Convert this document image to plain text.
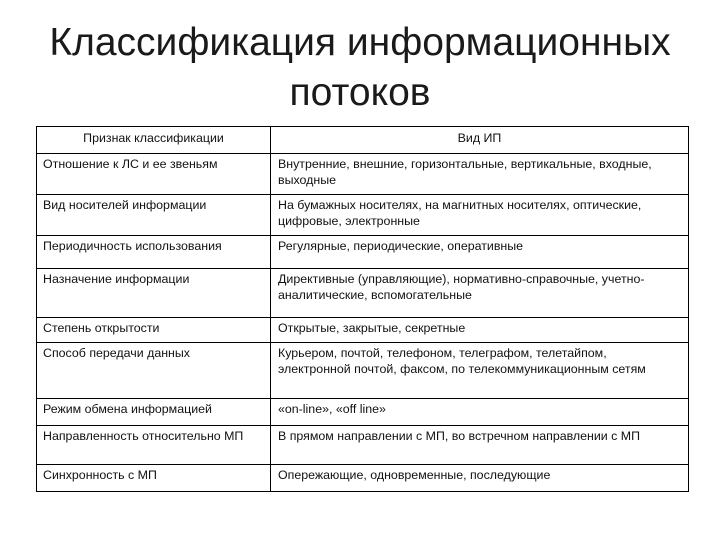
Классификация информационных
потоков
Признак классификации	Вид ИП
Отношение к ЛС и ее звеньям	Внутренние, внешние, горизонтальные, вертикальные, входные, выходные
Вид носителей информации	На бумажных носителях, на магнитных носителях, оптические, цифровые, электронные
Периодичность использования	Регулярные, периодические, оперативные
Назначение информации	Директивные (управляющие), нормативно-справочные, учетно-аналитические, вспомогательные
Степень открытости	Открытые, закрытые, секретные
Способ передачи данных	Курьером, почтой, телефоном, телеграфом, телетайпом, электронной почтой, факсом, по телекоммуникационным сетям
Режим обмена информацией	«on-line», «off line»
Направленность относительно МП	В прямом направлении с МП, во встречном направлении с МП
Синхронность с МП	Опережающие, одновременные, последующие
